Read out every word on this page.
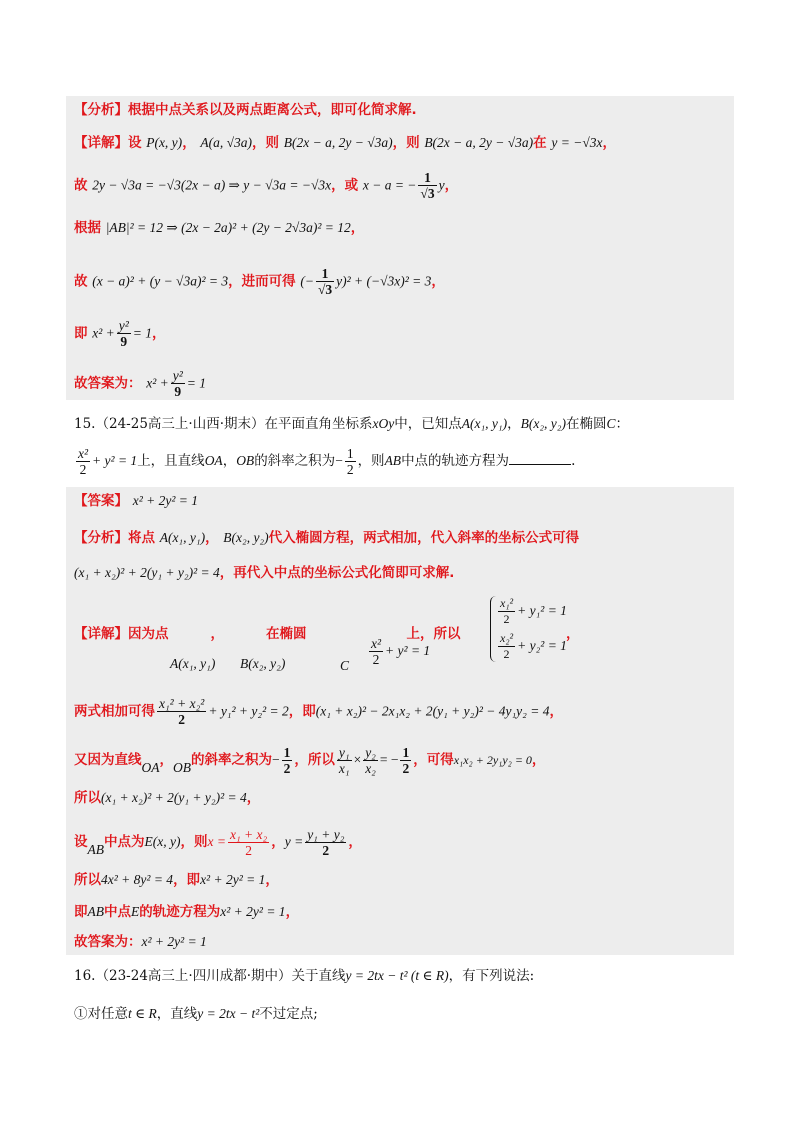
【分析】根据中点关系以及两点距离公式，即可化简求解.
【详解】设 P(x, y)， A(a, √3a)，则 B(2x − a, 2y − √3a)，则 B(2x − a, 2y − √3a)在 y = −√3x，
故 2y − √3a = −√3(2x − a) ⇒ y − √3a = −√3x，或 x − a = − $\frac{1}{√3}$ y，
根据 |AB|² = 12 ⇒ (2x − 2a)² + (2y − 2√3a)² = 12，
故 (x − a)² + (y − √3a)² = 3，进而可得 (− $\frac{1}{√3} y)^2 + (-√3x)^2 = 3$，
即 $x^2 + \frac{\text{y²}}{9} = 1$，
故答案为： $x^2 + \frac{\text{y²}}{9} = 1$
15.（24-25高三上·山西·期末）在平面直角坐标系xOy中，已知点A(x₁, y₁)，B(x₂, y₂)在椭圆C：
$\frac{\text{x²}}{2} + y^2 = 1$上，且直线OA，OB的斜率之积为− $\frac{1}{2}$ ，则AB中点的轨迹方程为	.
【答案】 x² + 2y² = 1
【分析】将点 A(x₁, y₁)， B(x₂, y₂)代入椭圆方程，两式相加，代入斜率的坐标公式可得
(x₁ + x₂)² + 2(y₁ + y₂)² = 4，再代入中点的坐标公式化简即可求解.
【详解】因为点	，	在椭圆	上，所以
A(x₁, y₁) B(x₂, y₂)	C $\frac{\text{x²}}{2} + y^2 = 1$
$\frac{\text{x₁²}}{2} + y_1^2 = 1$
$\frac{\text{x₂²}}{2} + y_2^2 = 1$
，
两式相加可得 $\frac{\text{x₁² + x₂²}}{2} + y_1^2 + y_2^2 = 2$，即(x₁ + x₂)² − 2x₁x₂ + 2(y₁ + y₂)² − 4y₁y₂ = 4，
又因为直线 OA ， OB 的斜率之积为− $\frac{1}{2}$ ，所以 $\frac{\text{y₁}}{\text{x₁}} \times \frac{\text{y₂}}{\text{x₂}}$ = − $\frac{1}{2}$ ，可得x₁x₂ + 2y₁y₂ = 0，
所以(x₁ + x₂)² + 2(y₁ + y₂)² = 4，
设 AB 中点为E(x, y)，则$x = \frac{\text{x₁ + x₂}}{2}$ ，$y = \frac{\text{y₁ + y₂}}{2}$ ，
所以4x² + 8y² = 4，即x² + 2y² = 1，
即AB中点E的轨迹方程为x² + 2y² = 1，
故答案为：x² + 2y² = 1
16.（23-24高三上·四川成都·期中）关于直线y = 2tx − t² (t ∈ R)，有下列说法:
①对任意t ∈ R，直线y = 2tx − t²不过定点;
